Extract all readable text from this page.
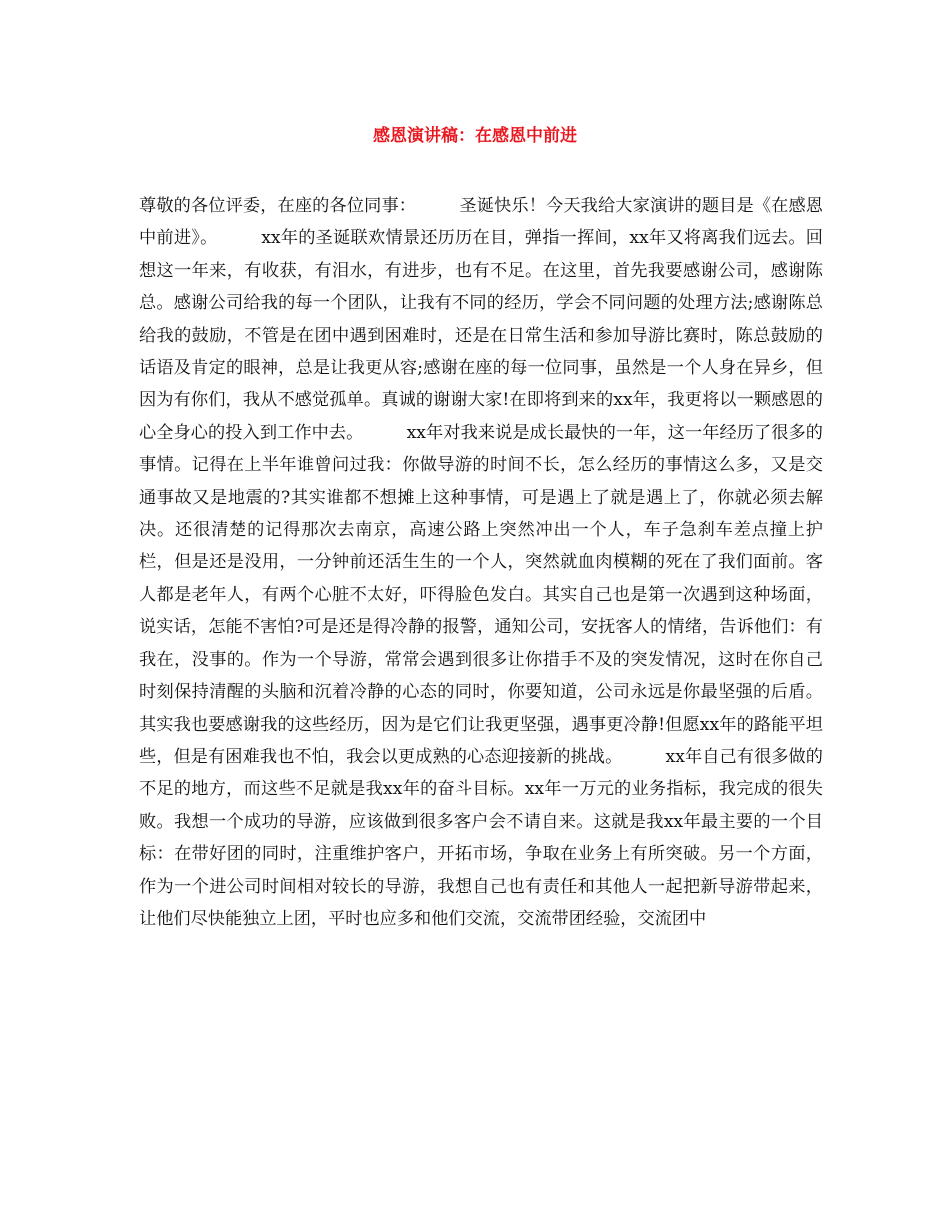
感恩演讲稿：在感恩中前进

尊敬的各位评委，在座的各位同事：　　　圣诞快乐！今天我给大家演讲的题目是《在感恩中前进》。　　　xx年的圣诞联欢情景还历历在目，弹指一挥间，xx年又将离我们远去。回想这一年来，有收获，有泪水，有进步，也有不足。在这里，首先我要感谢公司，感谢陈总。感谢公司给我的每一个团队，让我有不同的经历，学会不同问题的处理方法;感谢陈总给我的鼓励，不管是在团中遇到困难时，还是在日常生活和参加导游比赛时，陈总鼓励的话语及肯定的眼神，总是让我更从容;感谢在座的每一位同事，虽然是一个人身在异乡，但因为有你们，我从不感觉孤单。真诚的谢谢大家!在即将到来的xx年，我更将以一颗感恩的心全身心的投入到工作中去。　　　xx年对我来说是成长最快的一年，这一年经历了很多的事情。记得在上半年谁曾问过我：你做导游的时间不长，怎么经历的事情这么多，又是交通事故又是地震的?其实谁都不想摊上这种事情，可是遇上了就是遇上了，你就必须去解决。还很清楚的记得那次去南京，高速公路上突然冲出一个人，车子急刹车差点撞上护栏，但是还是没用，一分钟前还活生生的一个人，突然就血肉模糊的死在了我们面前。客人都是老年人，有两个心脏不太好，吓得脸色发白。其实自己也是第一次遇到这种场面，说实话，怎能不害怕?可是还是得冷静的报警，通知公司，安抚客人的情绪，告诉他们：有我在，没事的。作为一个导游，常常会遇到很多让你措手不及的突发情况，这时在你自己时刻保持清醒的头脑和沉着冷静的心态的同时，你要知道，公司永远是你最坚强的后盾。其实我也要感谢我的这些经历，因为是它们让我更坚强，遇事更冷静!但愿xx年的路能平坦些，但是有困难我也不怕，我会以更成熟的心态迎接新的挑战。　　　xx年自己有很多做的不足的地方，而这些不足就是我xx年的奋斗目标。xx年一万元的业务指标，我完成的很失败。我想一个成功的导游，应该做到很多客户会不请自来。这就是我xx年最主要的一个目标：在带好团的同时，注重维护客户，开拓市场，争取在业务上有所突破。另一个方面，作为一个进公司时间相对较长的导游，我想自己也有责任和其他人一起把新导游带起来，让他们尽快能独立上团，平时也应多和他们交流，交流带团经验，交流团中
